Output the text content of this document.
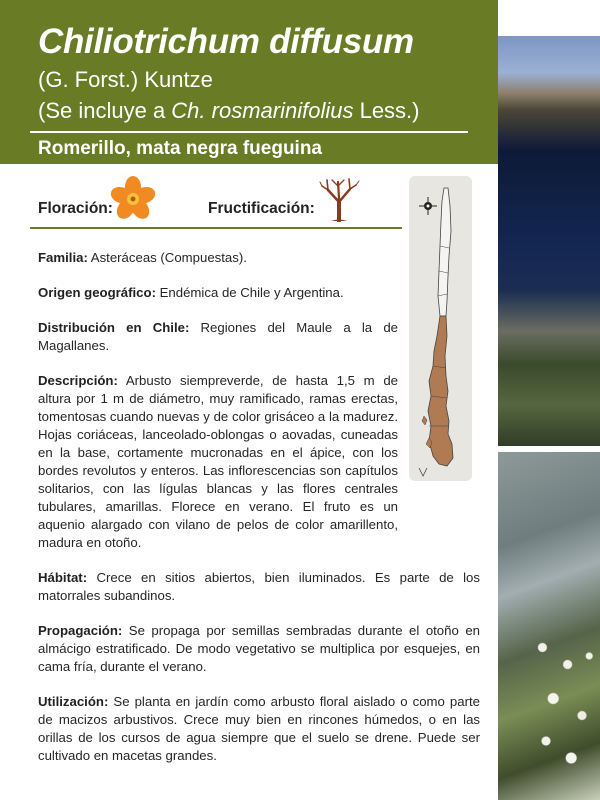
Chiliotrichum diffusum
(G. Forst.) Kuntze
(Se incluye a Ch. rosmarinifolius Less.)
Romerillo, mata negra fueguina
Floración:	Fructificación:

Familia: Asteráceas (Compuestas).

Origen geográfico: Endémica de Chile y Argentina.

Distribución en Chile: Regiones del Maule a la de Magallanes.

Descripción: Arbusto siempreverde, de hasta 1,5 m de altura por 1 m de diámetro, muy ramificado, ramas erectas, tomentosas cuando nuevas y de color grisáceo a la madurez. Hojas coriáceas, lanceolado-oblongas o aovadas, cuneadas en la base, cortamente mucronadas en el ápice, con los bordes revolutos y enteros. Las inflorescencias son capítulos solitarios, con las lígulas blancas y las flores centrales tubulares, amarillas. Florece en verano. El fruto es un aquenio alargado con vilano de pelos de color amarillento, madura en otoño.

Hábitat: Crece en sitios abiertos, bien iluminados. Es parte de los matorrales subandinos.

Propagación: Se propaga por semillas sembradas durante el otoño en almácigo estratificado. De modo vegetativo se multiplica por esquejes, en cama fría, durante el verano.

Utilización: Se planta en jardín como arbusto floral aislado o como parte de macizos arbustivos. Crece muy bien en rincones húmedos, o en las orillas de los cursos de agua siempre que el suelo se drene. Puede ser cultivado en macetas grandes.
